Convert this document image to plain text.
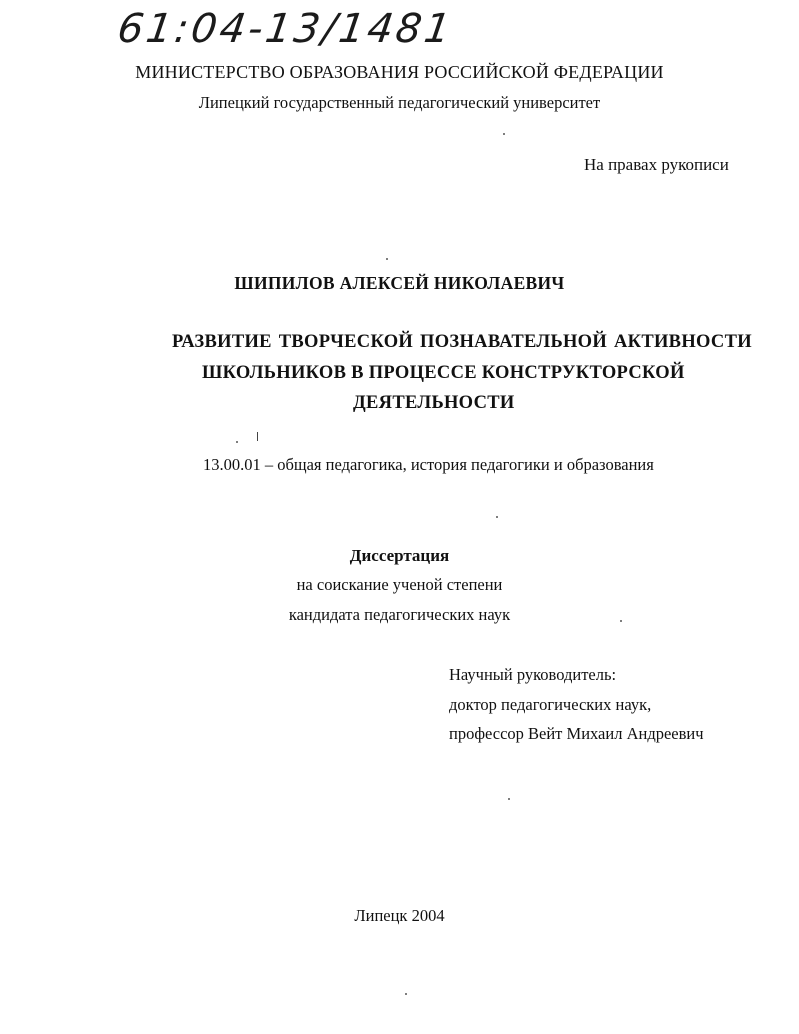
61:04-13/1481
МИНИСТЕРСТВО ОБРАЗОВАНИЯ РОССИЙСКОЙ ФЕДЕРАЦИИ
Липецкий государственный педагогический университет
На правах рукописи
ШИПИЛОВ АЛЕКСЕЙ НИКОЛАЕВИЧ
РАЗВИТИЕ ТВОРЧЕСКОЙ ПОЗНАВАТЕЛЬНОЙ АКТИВНОСТИ
ШКОЛЬНИКОВ В ПРОЦЕССЕ КОНСТРУКТОРСКОЙ
ДЕЯТЕЛЬНОСТИ
13.00.01 – общая педагогика, история педагогики и образования
Диссертация
на соискание ученой степени
кандидата педагогических наук
Научный руководитель:
доктор педагогических наук,
профессор Вейт Михаил Андреевич
Липецк 2004
